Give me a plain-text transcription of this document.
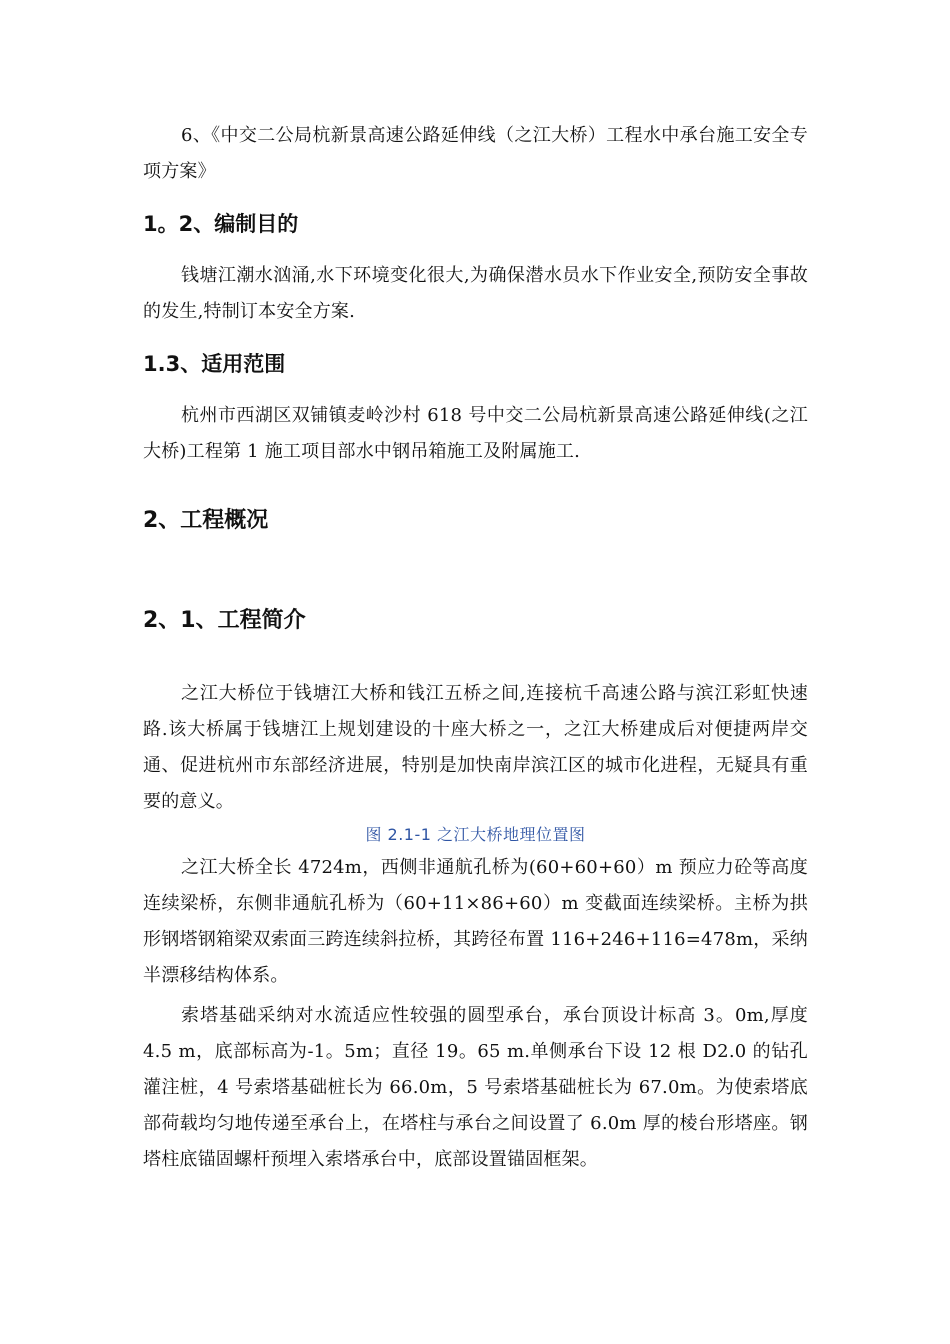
6、《中交二公局杭新景高速公路延伸线（之江大桥）工程水中承台施工安全专项方案》

1。2、编制目的

钱塘江潮水汹涌,水下环境变化很大,为确保潜水员水下作业安全,预防安全事故的发生,特制订本安全方案.

1.3、适用范围

杭州市西湖区双铺镇麦岭沙村 618 号中交二公局杭新景高速公路延伸线(之江大桥)工程第 1 施工项目部水中钢吊箱施工及附属施工.

2、工程概况
2、1、工程简介

之江大桥位于钱塘江大桥和钱江五桥之间,连接杭千高速公路与滨江彩虹快速路.该大桥属于钱塘江上规划建设的十座大桥之一，之江大桥建成后对便捷两岸交通、促进杭州市东部经济进展，特别是加快南岸滨江区的城市化进程，无疑具有重要的意义。

图 2.1-1 之江大桥地理位置图

之江大桥全长 4724m，西侧非通航孔桥为(60+60+60）m 预应力砼等高度连续梁桥，东侧非通航孔桥为（60+11×86+60）m 变截面连续梁桥。主桥为拱形钢塔钢箱梁双索面三跨连续斜拉桥，其跨径布置 116+246+116=478m，采纳半漂移结构体系。

索塔基础采纳对水流适应性较强的圆型承台，承台顶设计标高 3。0m,厚度 4.5 m，底部标高为-1。5m；直径 19。65 m.单侧承台下设 12 根 D2.0 的钻孔灌注桩，4 号索塔基础桩长为 66.0m，5 号索塔基础桩长为 67.0m。为使索塔底部荷载均匀地传递至承台上，在塔柱与承台之间设置了 6.0m 厚的棱台形塔座。钢塔柱底锚固螺杆预埋入索塔承台中，底部设置锚固框架。
